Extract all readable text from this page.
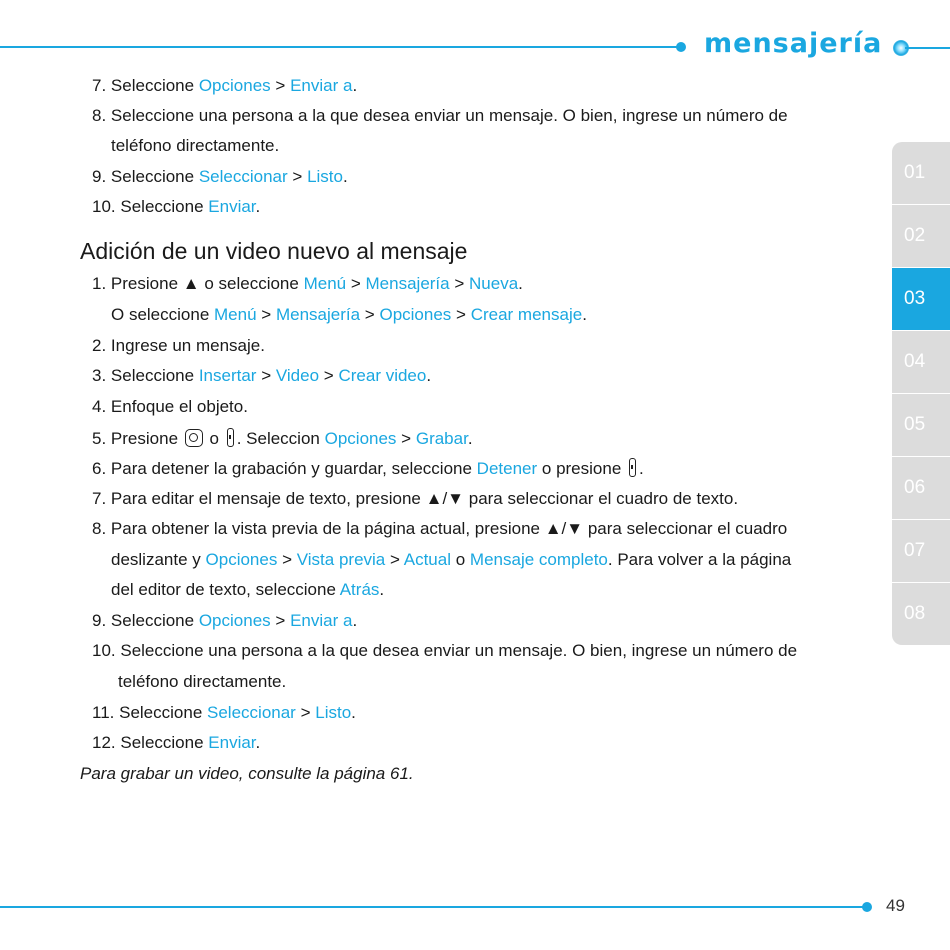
mensajería
01
02
03
04
05
06
07
08
7. Seleccione Opciones > Enviar a.
8. Seleccione una persona a la que desea enviar un mensaje. O bien, ingrese un número de
teléfono directamente.
9. Seleccione Seleccionar > Listo.
10. Seleccione Enviar.
Adición de un video nuevo al mensaje
1. Presione ▲ o seleccione Menú > Mensajería > Nueva.
O seleccione Menú > Mensajería > Opciones > Crear mensaje.
2. Ingrese un mensaje.
3. Seleccione Insertar > Video > Crear video.
4. Enfoque el objeto.
5. Presione o . Seleccion Opciones > Grabar.
6. Para detener la grabación y guardar, seleccione Detener o presione .
7. Para editar el mensaje de texto, presione ▲/▼ para seleccionar el cuadro de texto.
8. Para obtener la vista previa de la página actual, presione ▲/▼ para seleccionar el cuadro
deslizante y Opciones > Vista previa > Actual o Mensaje completo. Para volver a la página
del editor de texto, seleccione Atrás.
9. Seleccione Opciones > Enviar a.
10. Seleccione una persona a la que desea enviar un mensaje. O bien, ingrese un número de
teléfono directamente.
11. Seleccione Seleccionar > Listo.
12. Seleccione Enviar.
Para grabar un video, consulte la página 61.
49
